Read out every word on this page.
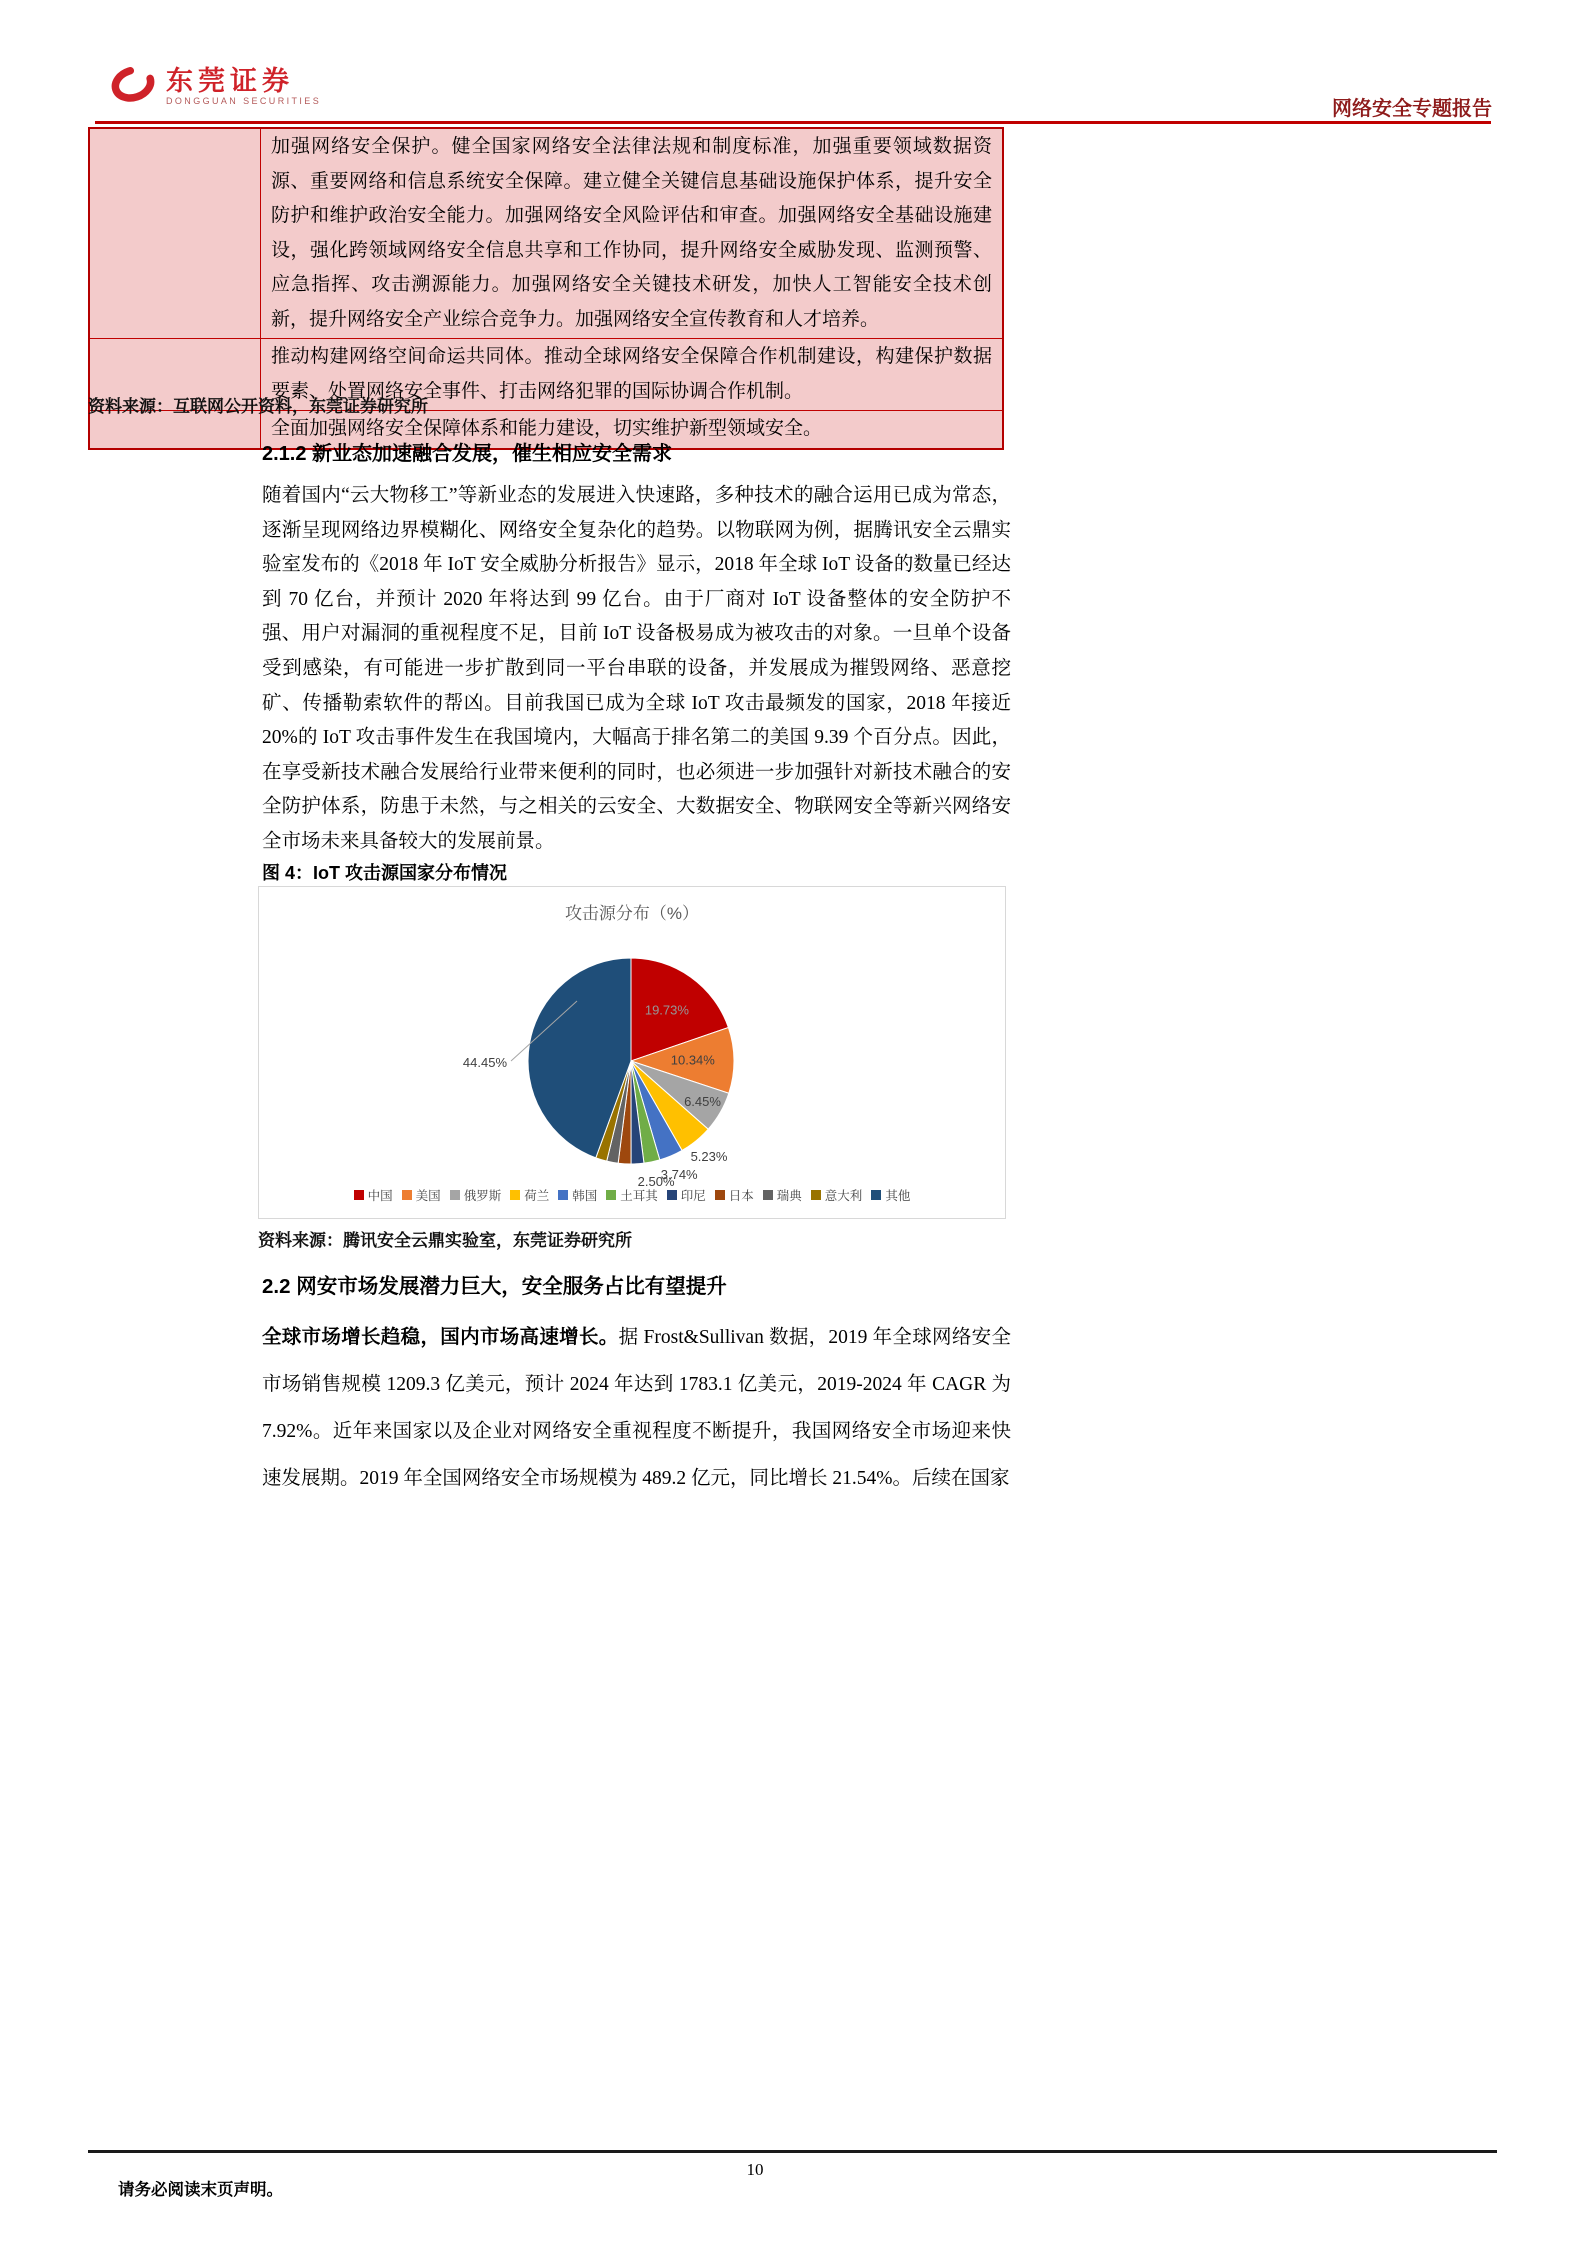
东莞证券
DONGGUAN SECURITIES	网络安全专题报告
	加强网络安全保护。健全国家网络安全法律法规和制度标准，加强重要领域数据资源、重要网络和信息系统安全保障。建立健全关键信息基础设施保护体系，提升安全防护和维护政治安全能力。加强网络安全风险评估和审查。加强网络安全基础设施建设，强化跨领域网络安全信息共享和工作协同，提升网络安全威胁发现、监测预警、应急指挥、攻击溯源能力。加强网络安全关键技术研发，加快人工智能安全技术创新，提升网络安全产业综合竞争力。加强网络安全宣传教育和人才培养。
	推动构建网络空间命运共同体。推动全球网络安全保障合作机制建设，构建保护数据要素、处置网络安全事件、打击网络犯罪的国际协调合作机制。
	全面加强网络安全保障体系和能力建设，切实维护新型领域安全。
资料来源：互联网公开资料，东莞证券研究所
2.1.2 新业态加速融合发展，催生相应安全需求
随着国内“云大物移工”等新业态的发展进入快速路，多种技术的融合运用已成为常态，逐渐呈现网络边界模糊化、网络安全复杂化的趋势。以物联网为例，据腾讯安全云鼎实验室发布的《2018 年 IoT 安全威胁分析报告》显示，2018 年全球 IoT 设备的数量已经达到 70 亿台，并预计 2020 年将达到 99 亿台。由于厂商对 IoT 设备整体的安全防护不强、用户对漏洞的重视程度不足，目前 IoT 设备极易成为被攻击的对象。一旦单个设备受到感染，有可能进一步扩散到同一平台串联的设备，并发展成为摧毁网络、恶意挖矿、传播勒索软件的帮凶。目前我国已成为全球 IoT 攻击最频发的国家，2018 年接近 20%的 IoT 攻击事件发生在我国境内，大幅高于排名第二的美国 9.39 个百分点。因此，在享受新技术融合发展给行业带来便利的同时，也必须进一步加强针对新技术融合的安全防护体系，防患于未然，与之相关的云安全、大数据安全、物联网安全等新兴网络安全市场未来具备较大的发展前景。
图 4：IoT 攻击源国家分布情况
19.73%
10.34%
6.45%
5.23%
3.74%
2.50%
44.45%
攻击源分布（%）
中国 美国 俄罗斯 荷兰 韩国 土耳其 印尼 日本 瑞典 意大利 其他
资料来源：腾讯安全云鼎实验室，东莞证券研究所
2.2 网安市场发展潜力巨大，安全服务占比有望提升
全球市场增长趋稳，国内市场高速增长。据 Frost&Sullivan 数据，2019 年全球网络安全市场销售规模 1209.3 亿美元，预计 2024 年达到 1783.1 亿美元，2019-2024 年 CAGR 为 7.92%。近年来国家以及企业对网络安全重视程度不断提升，我国网络安全市场迎来快速发展期。2019 年全国网络安全市场规模为 489.2 亿元，同比增长 21.54%。后续在国家
10
请务必阅读末页声明。
